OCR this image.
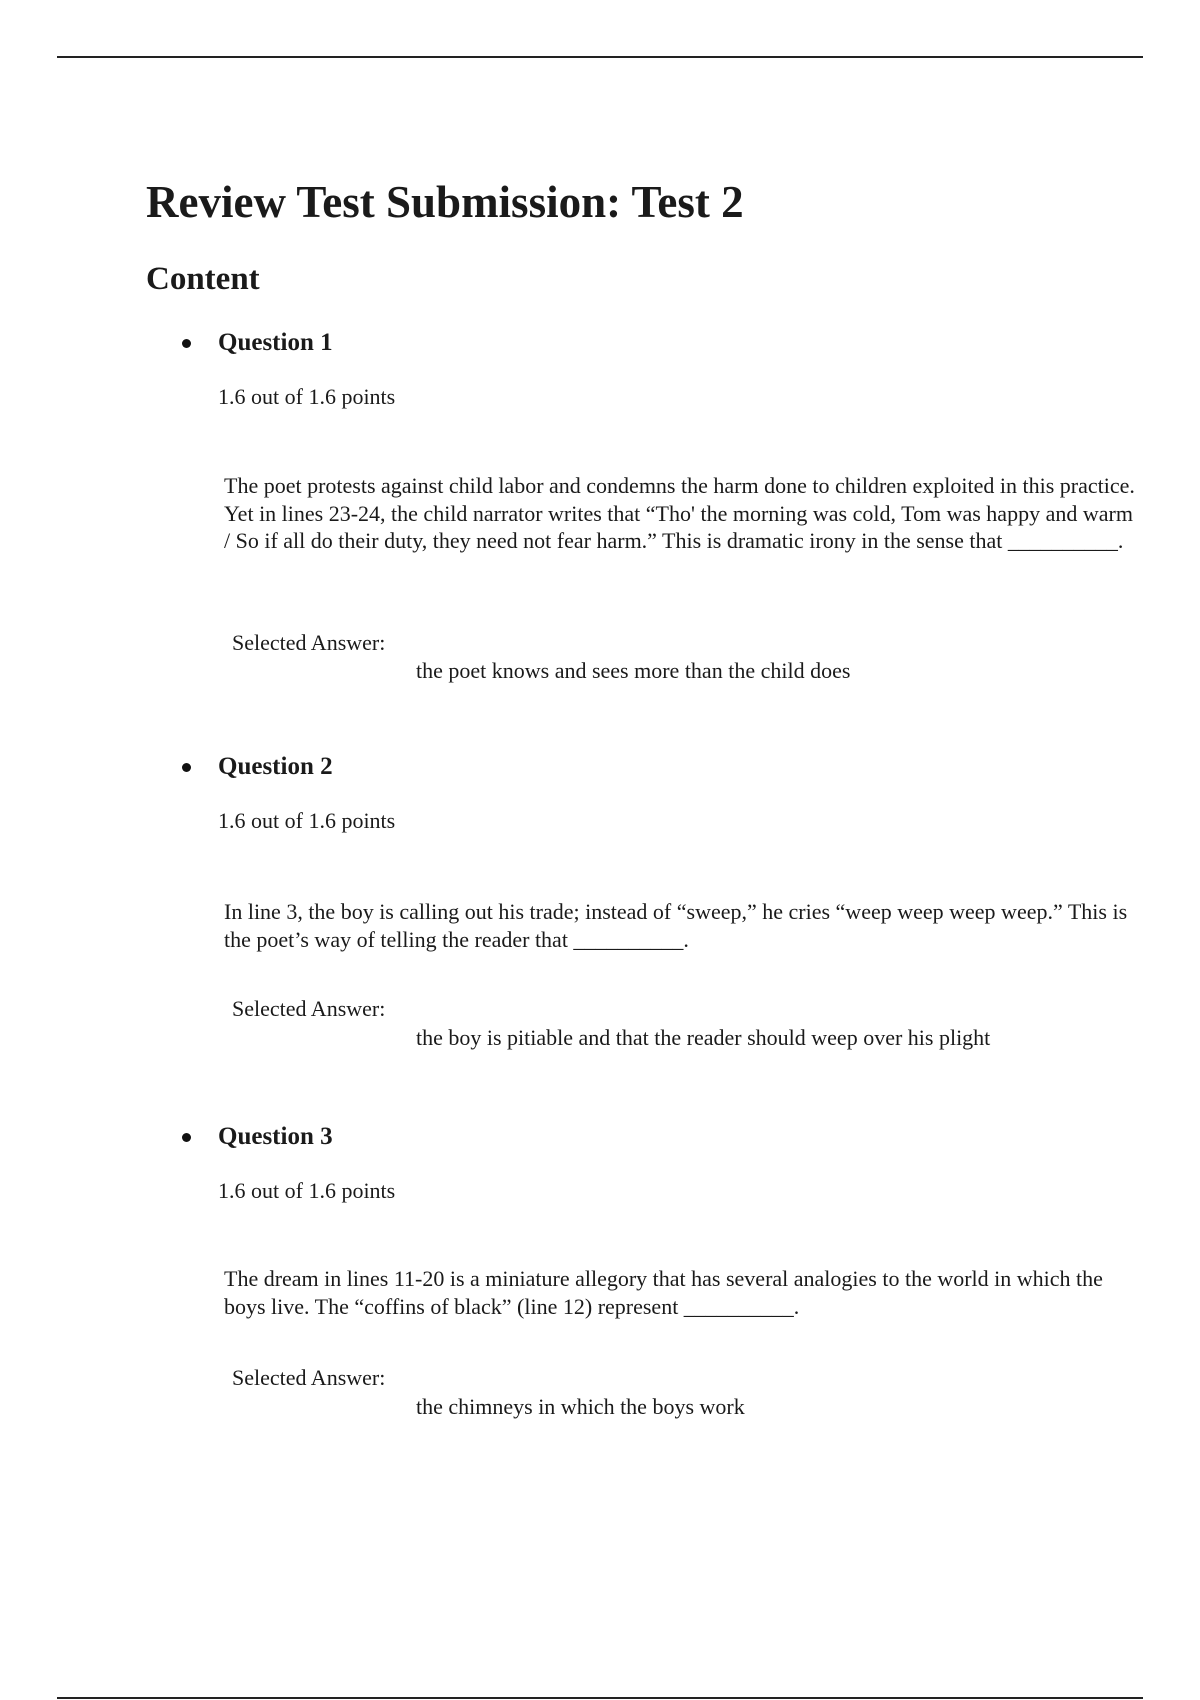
Review Test Submission: Test 2
Content
Question 1
1.6 out of 1.6 points

The poet protests against child labor and condemns the harm done to children exploited in this practice. Yet in lines 23-24, the child narrator writes that “Tho' the morning was cold, Tom was happy and warm / So if all do their duty, they need not fear harm.” This is dramatic irony in the sense that __________.

Selected Answer:
the poet knows and sees more than the child does
Question 2
1.6 out of 1.6 points

In line 3, the boy is calling out his trade; instead of “sweep,” he cries “weep weep weep weep.” This is the poet’s way of telling the reader that __________.

Selected Answer:
the boy is pitiable and that the reader should weep over his plight
Question 3
1.6 out of 1.6 points

The dream in lines 11-20 is a miniature allegory that has several analogies to the world in which the boys live. The “coffins of black” (line 12) represent __________.

Selected Answer:
the chimneys in which the boys work
